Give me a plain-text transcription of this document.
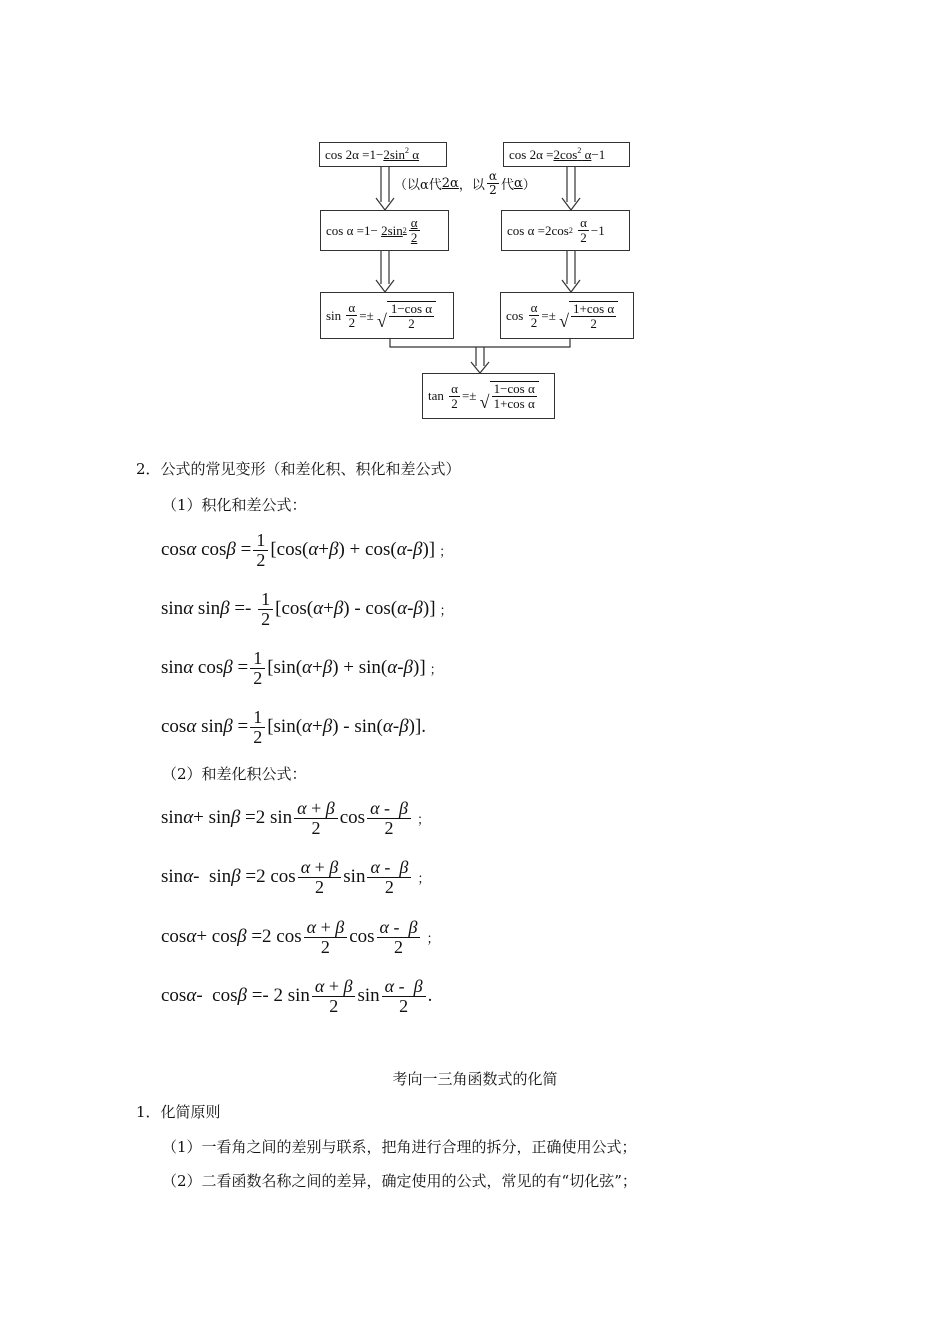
$\cos 2\alpha =1- 2\sin^2$ α	$\cos 2\alpha = 2\cos^2$ α −1
（以α代 2α ，以 $\frac{\alpha}{2}$ 代 α ）
cos α =1− 2sin $2 \frac{\alpha}{2}$	cos α =2cos 2
$\frac{\alpha}{2} -1$
$\sin \frac{\alpha}{2}$ =± √ $\frac{\text{1−cos α}}{2}$	$\cos \frac{\alpha}{2}$ =± √ $\frac{\text{1+cos α}}{2}$
$\tan \frac{\alpha}{2}$ =± √ $\frac{\text{1−cos α}}{\text{1+cos α}}$
2．公式的常见变形（和差化积、积化和差公式）
（1）积化和差公式：
cos α $\cos \beta = \frac{1}{2} [\cos$( α + β ) + cos( α - β )] ；
sin α $\sin \beta =- \frac{1}{2} [\cos$( α + β ) - cos( α - β )] ；
sin α $\cos \beta = \frac{1}{2} [\sin$( α + β ) + sin( α - β )] ；
cos α $\sin \beta = \frac{1}{2} [\sin$( α + β ) - sin( α - β )].
（2）和差化积公式：
sin α + sin β =2 $\sin \frac{\alpha + \beta}{2}$ $\cos \frac{\alpha - \beta}{2}$ ；
sin α -  sin β =2 $\cos \frac{\alpha + \beta}{2}$ $\sin \frac{\alpha - \beta}{2}$ ；
cos α + cos β =2 $\cos \frac{\alpha + \beta}{2}$ $\cos \frac{\alpha - \beta}{2}$ ；
cos α -  cos β =- 2 $\sin \frac{\alpha + \beta}{2}$ $\sin \frac{\alpha - \beta}{2}$ .
考向一三角函数式的化简
1．化简原则
（1）一看角之间的差别与联系，把角进行合理的拆分，正确使用公式；
（2）二看函数名称之间的差异，确定使用的公式，常见的有“切化弦”；
